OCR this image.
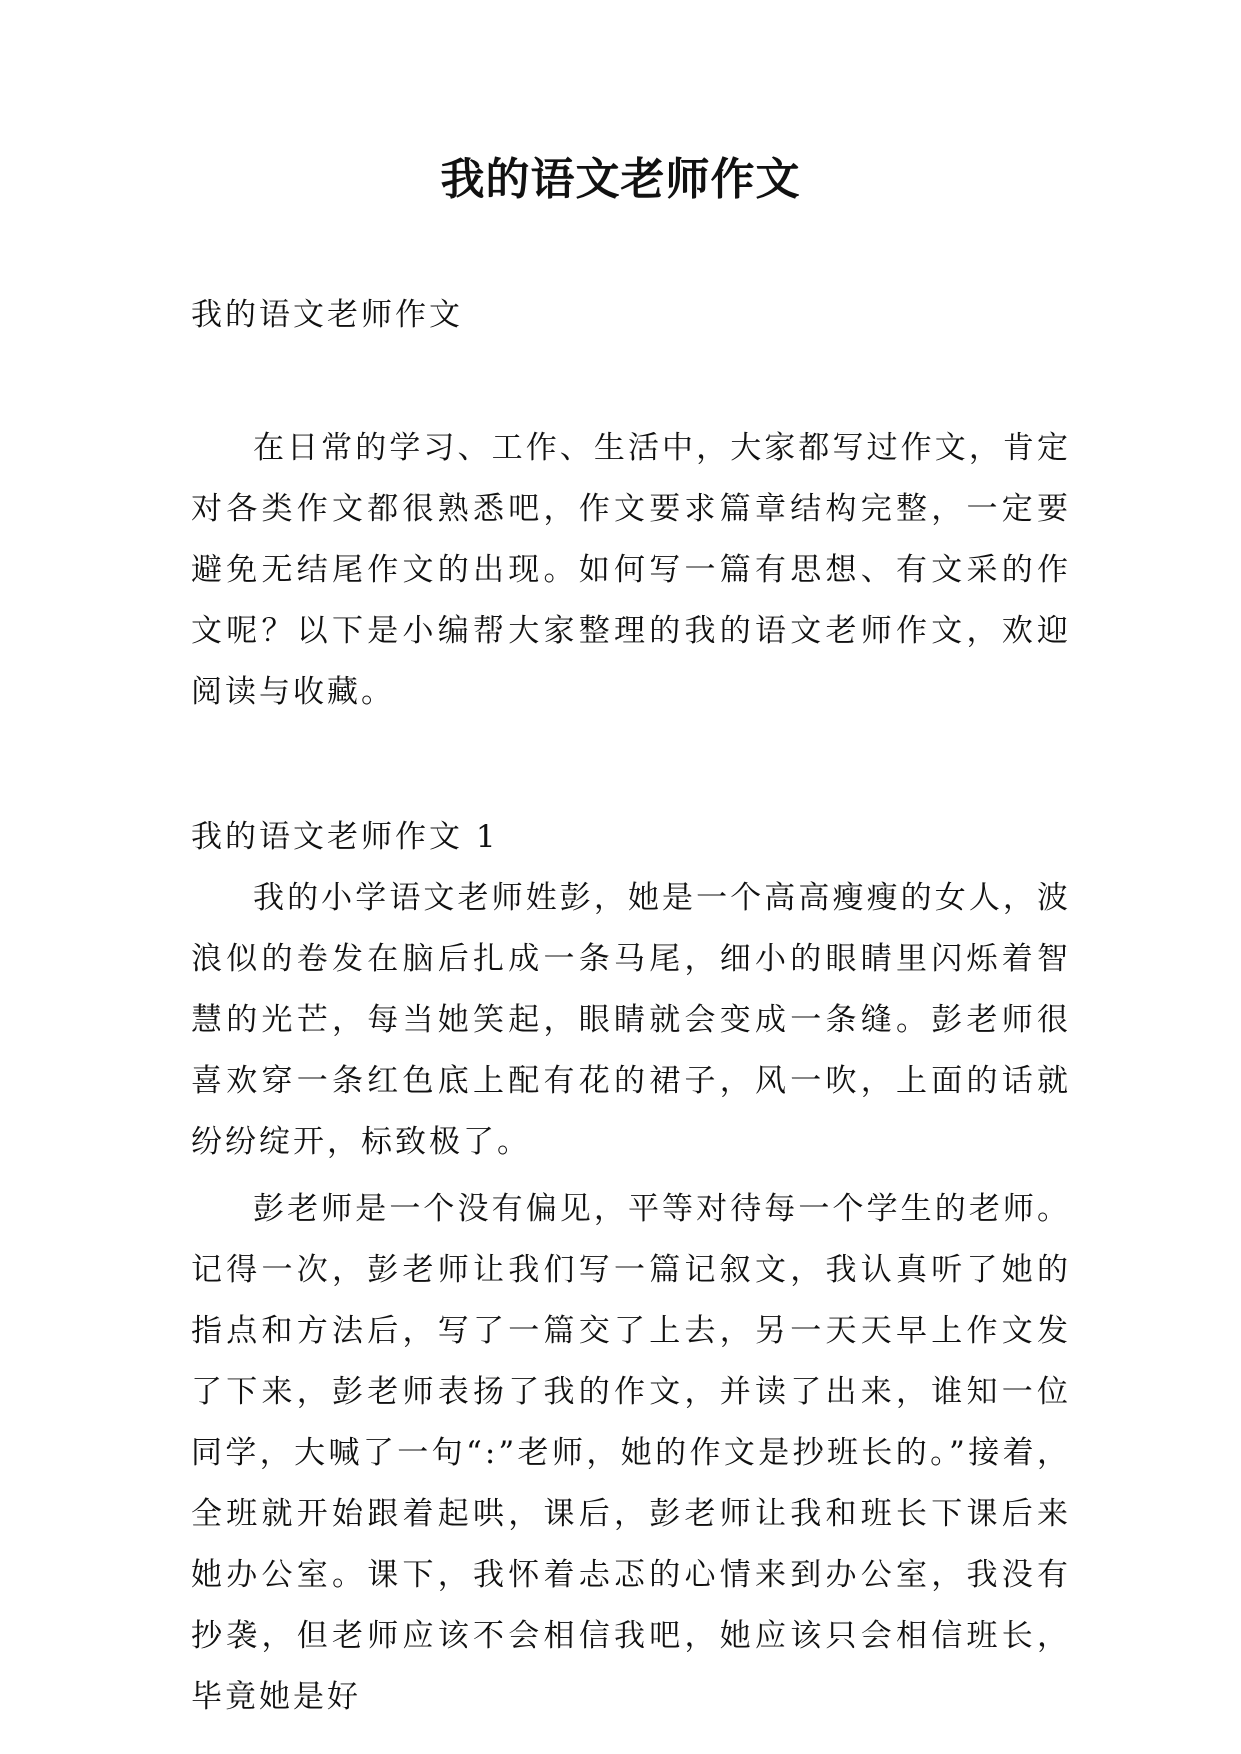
我的语文老师作文

我的语文老师作文

在日常的学习、工作、生活中，大家都写过作文，肯定对各类作文都很熟悉吧，作文要求篇章结构完整，一定要避免无结尾作文的出现。如何写一篇有思想、有文采的作文呢？以下是小编帮大家整理的我的语文老师作文，欢迎阅读与收藏。

我的语文老师作文 1

我的小学语文老师姓彭，她是一个高高瘦瘦的女人，波浪似的卷发在脑后扎成一条马尾，细小的眼睛里闪烁着智慧的光芒，每当她笑起，眼睛就会变成一条缝。彭老师很喜欢穿一条红色底上配有花的裙子，风一吹，上面的话就纷纷绽开，标致极了。

彭老师是一个没有偏见，平等对待每一个学生的老师。记得一次，彭老师让我们写一篇记叙文，我认真听了她的指点和方法后，写了一篇交了上去，另一天天早上作文发了下来，彭老师表扬了我的作文，并读了出来，谁知一位同学，大喊了一句“:”老师，她的作文是抄班长的。”接着，全班就开始跟着起哄，课后，彭老师让我和班长下课后来她办公室。课下，我怀着忐忑的心情来到办公室，我没有抄袭，但老师应该不会相信我吧，她应该只会相信班长，毕竟她是好
